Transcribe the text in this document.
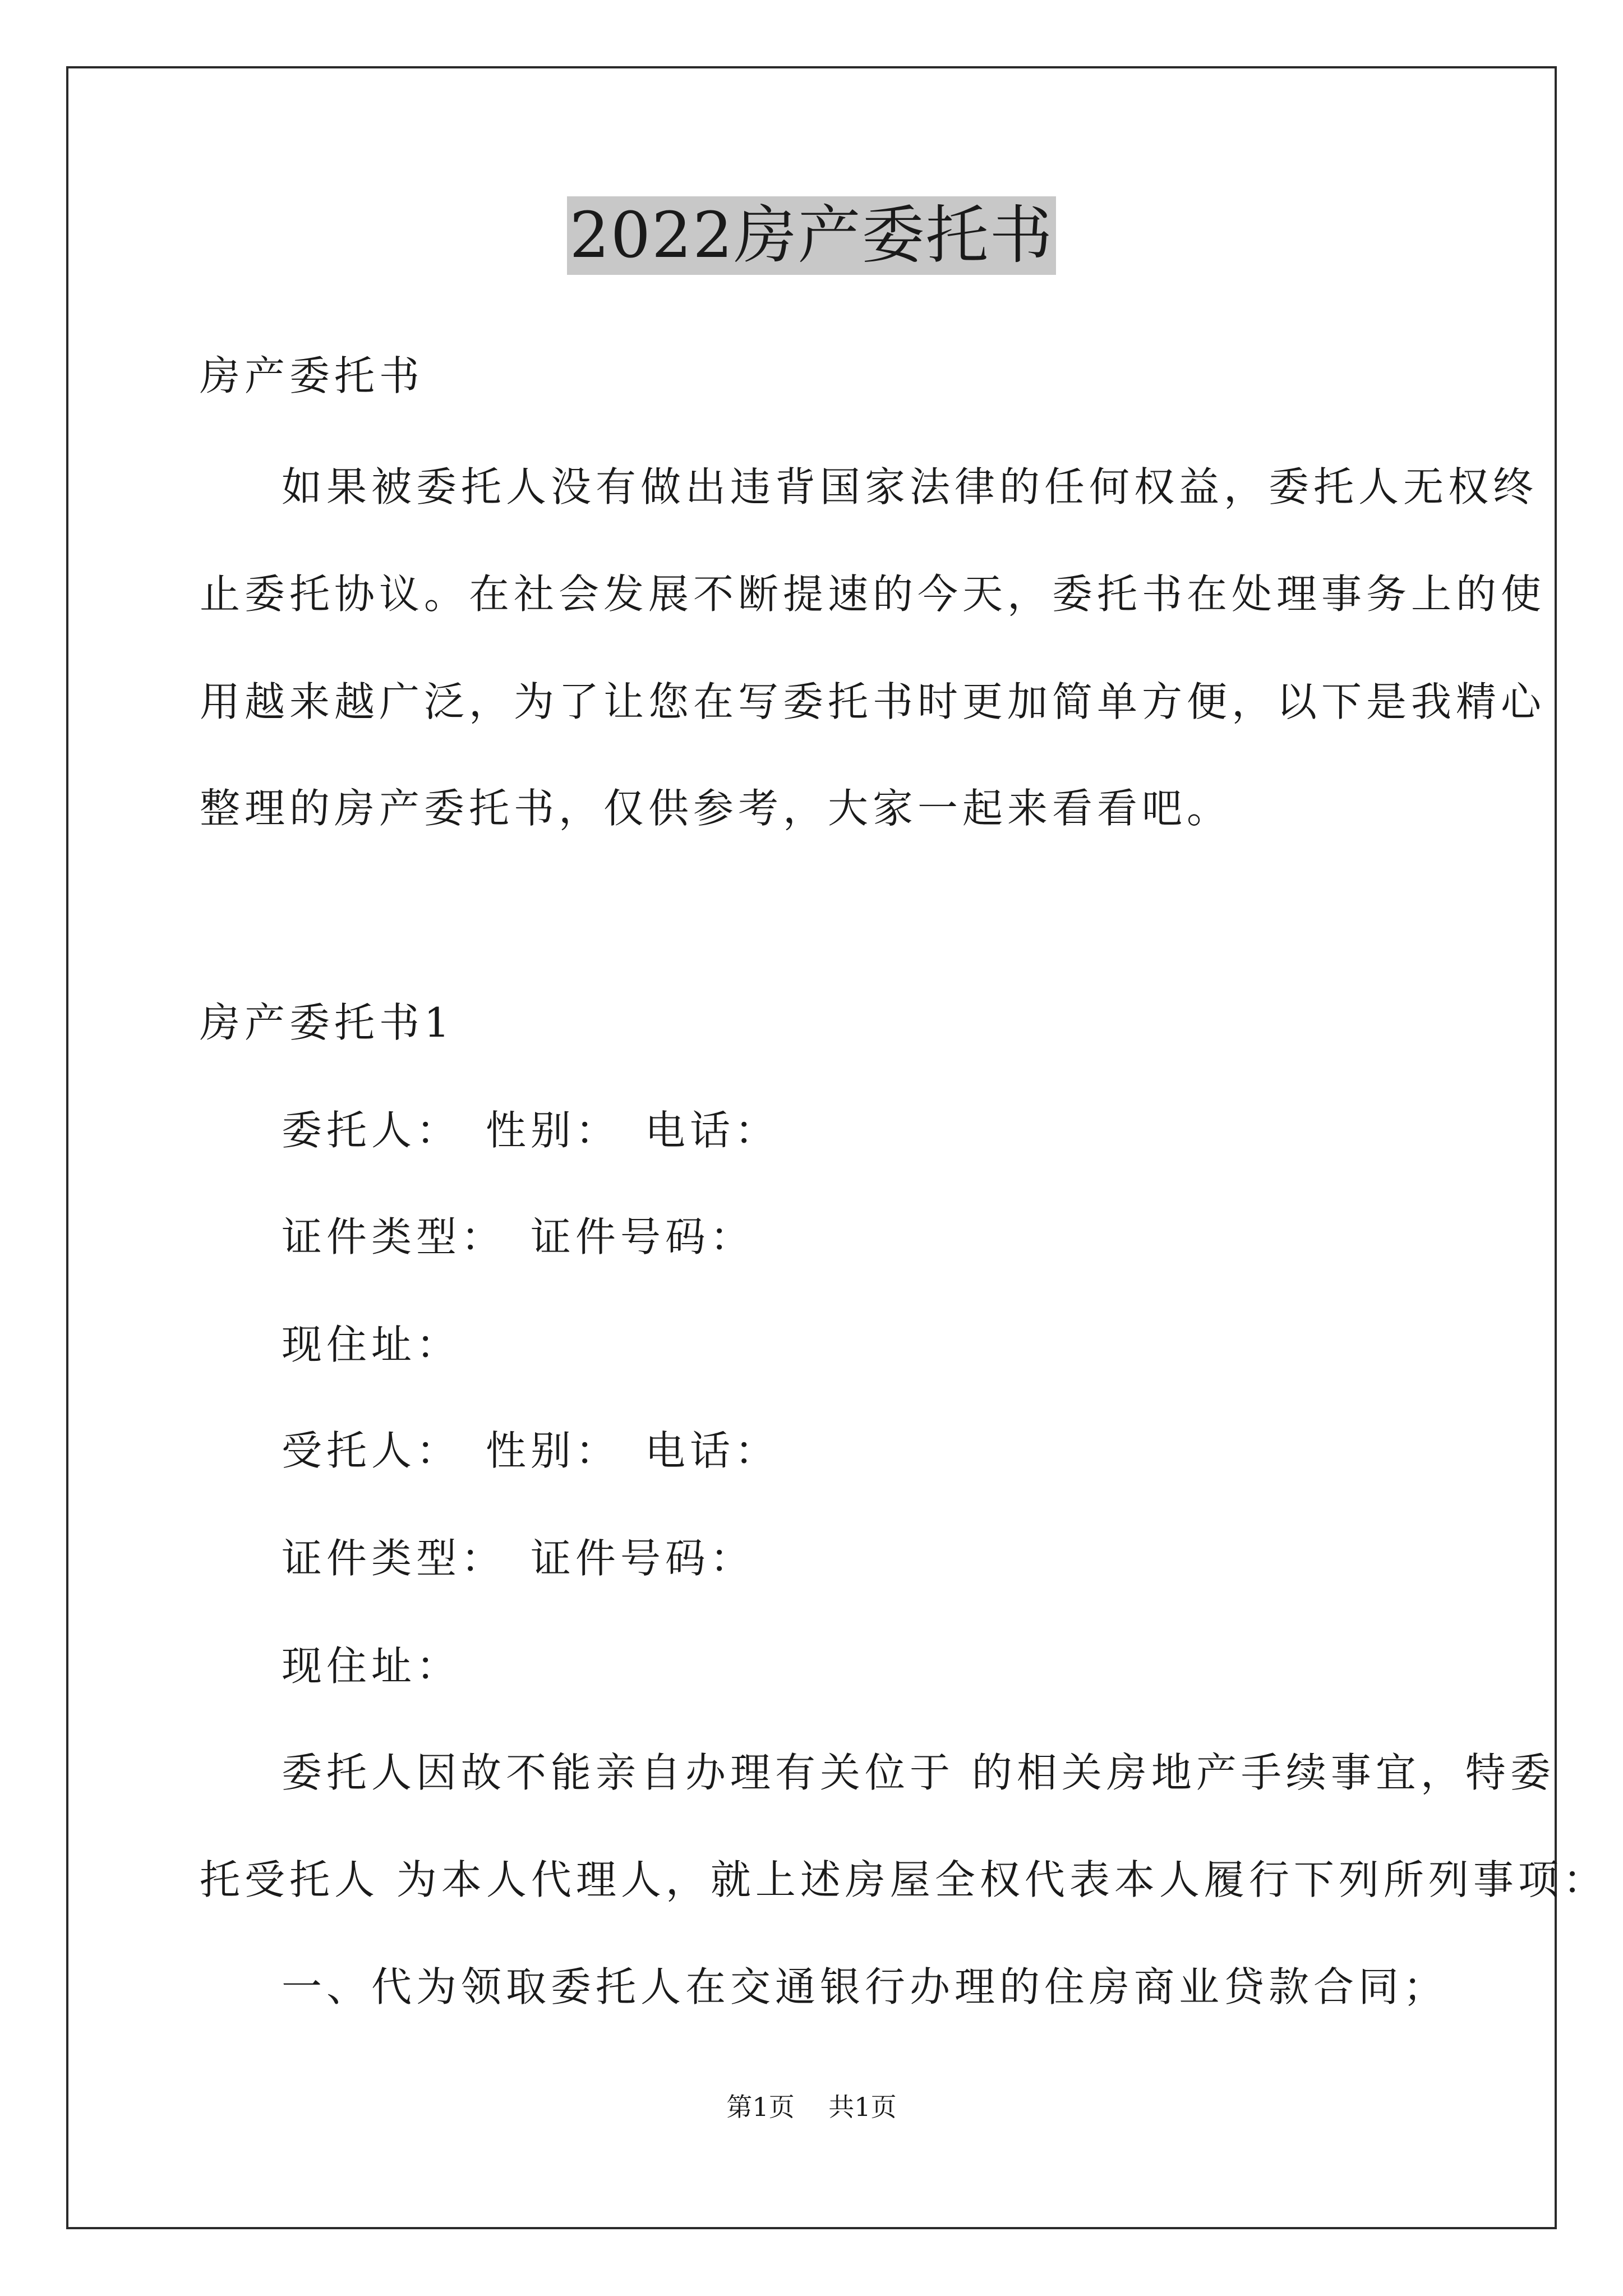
2022房产委托书
房产委托书
如果被委托人没有做出违背国家法律的任何权益，委托人无权终
止委托协议。在社会发展不断提速的今天，委托书在处理事务上的使
用越来越广泛，为了让您在写委托书时更加简单方便，以下是我精心
整理的房产委托书，仅供参考，大家一起来看看吧。
房产委托书1
委托人：　性别：　电话：
证件类型：　证件号码：
现住址：
受托人：　性别：　电话：
证件类型：　证件号码：
现住址：
委托人因故不能亲自办理有关位于 的相关房地产手续事宜，特委
托受托人 为本人代理人，就上述房屋全权代表本人履行下列所列事项：
一、代为领取委托人在交通银行办理的住房商业贷款合同；
第1页　 共1页
